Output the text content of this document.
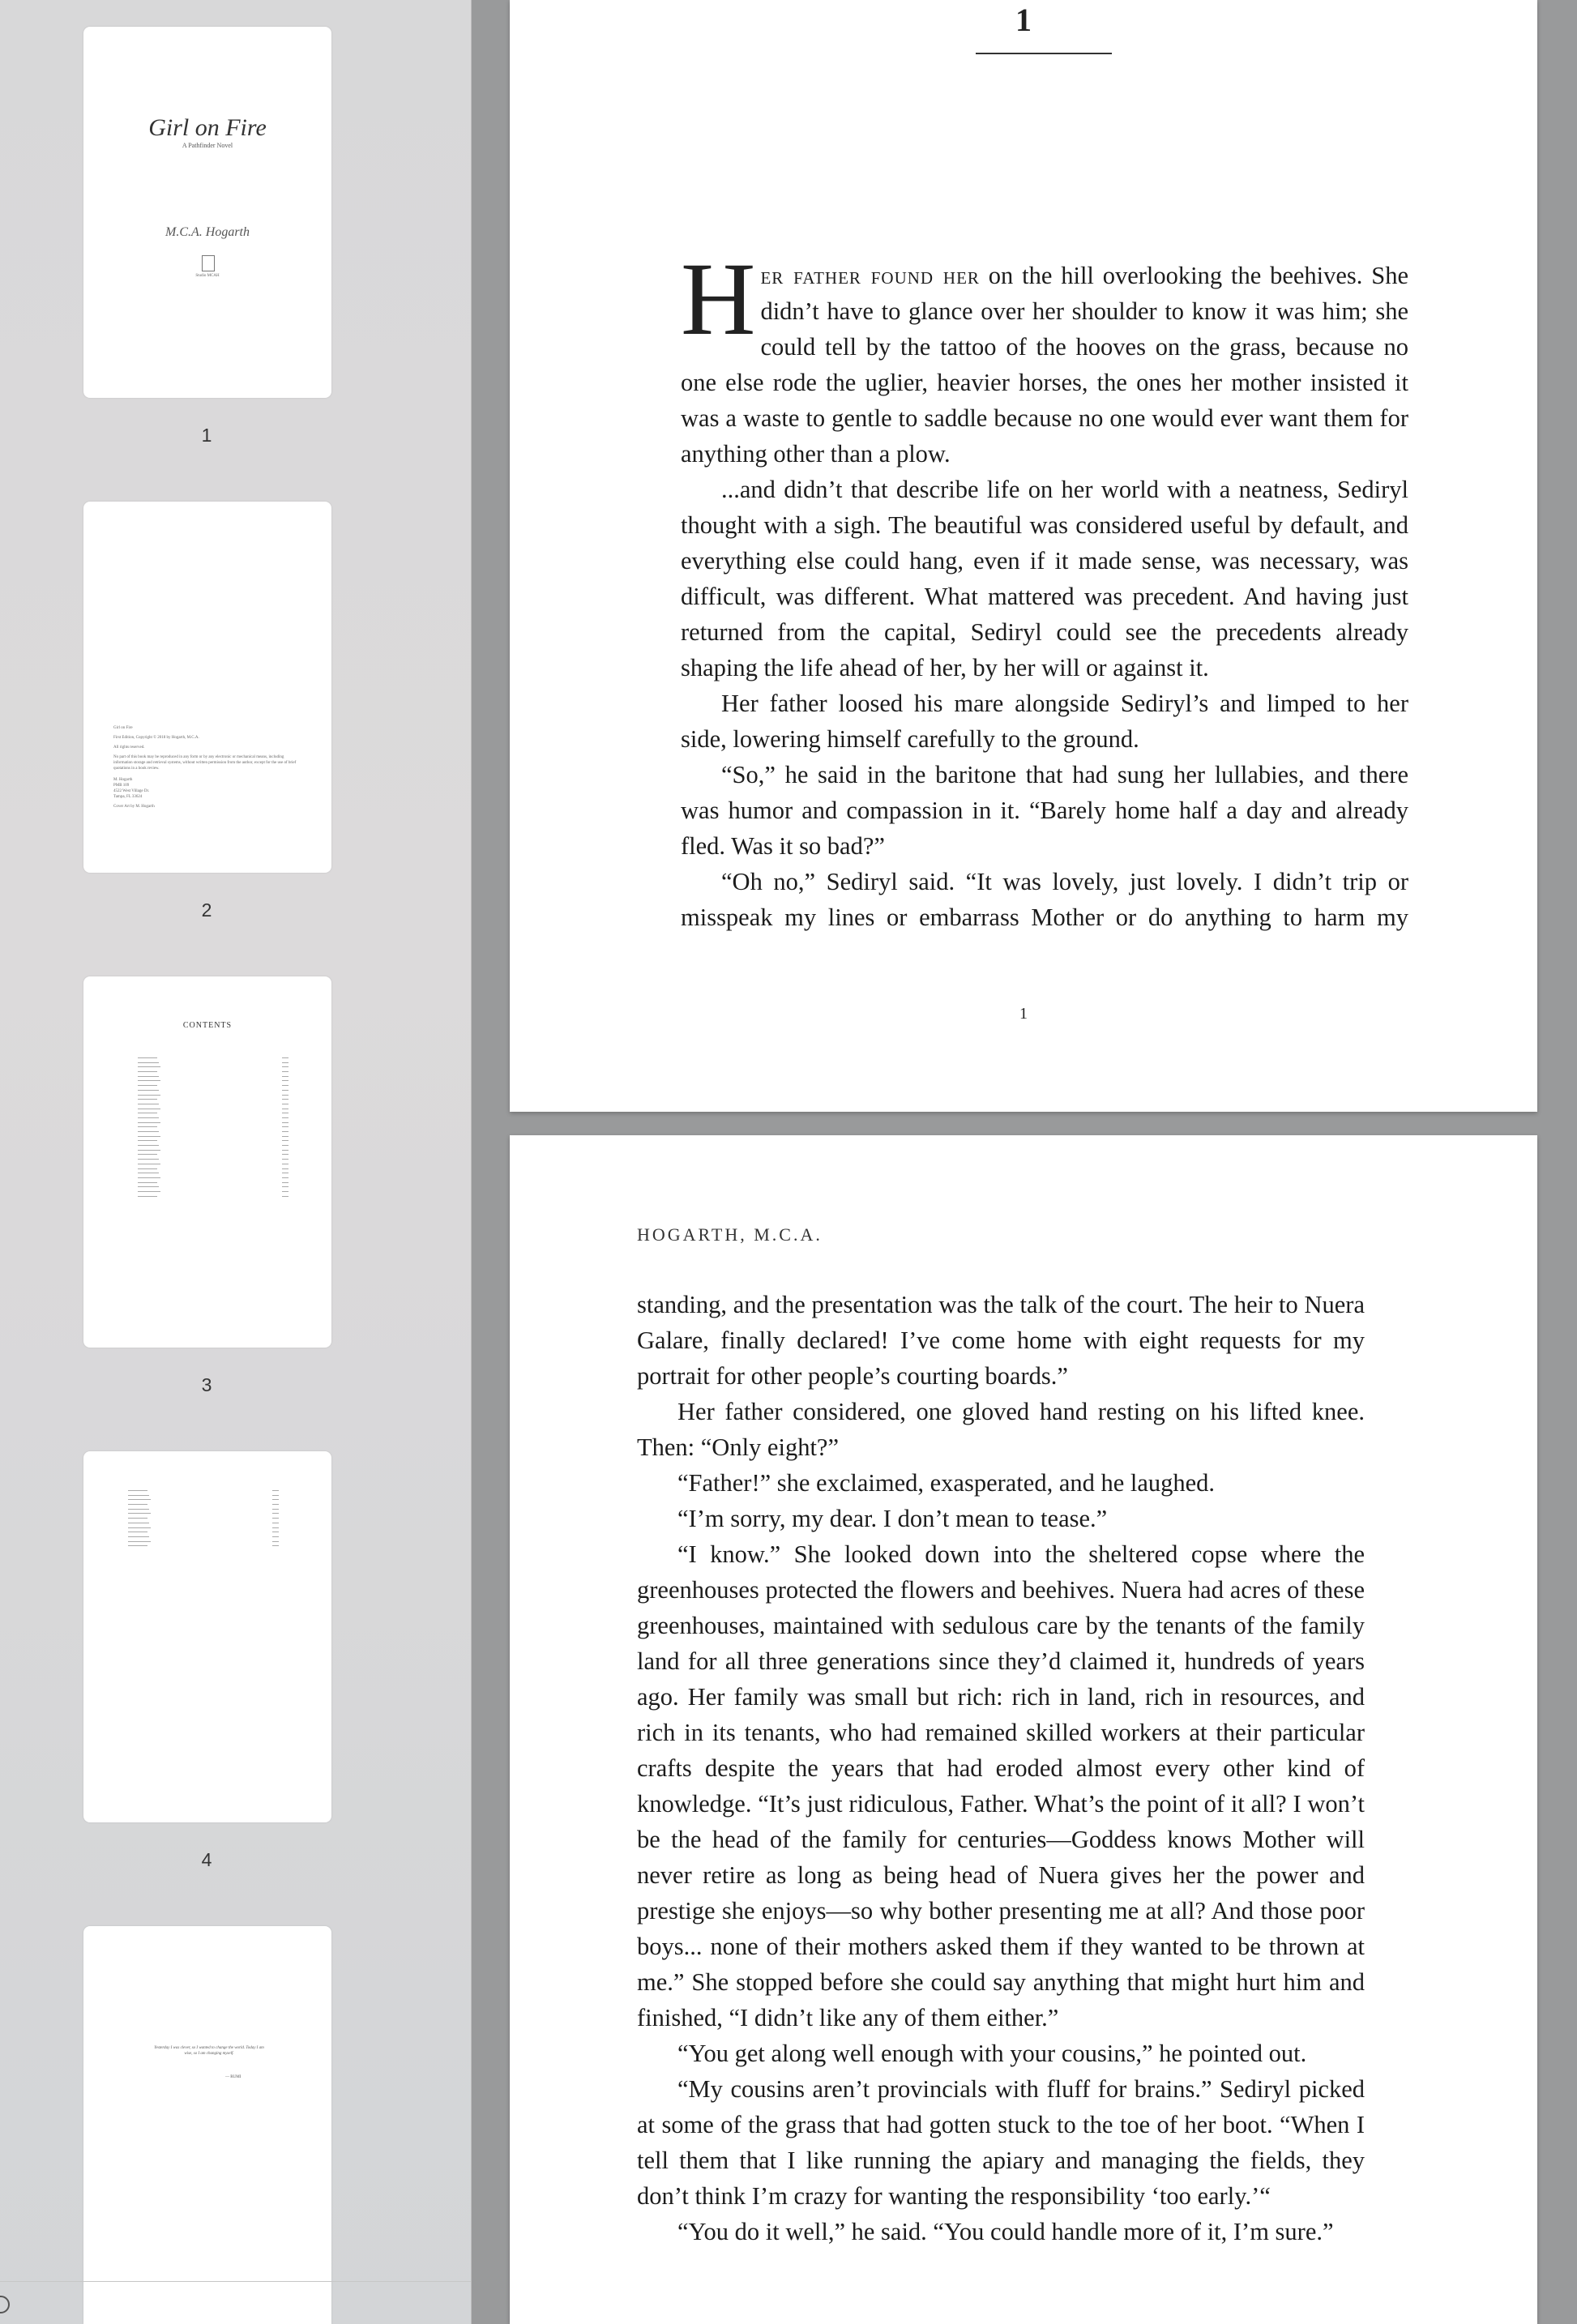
Girl on Fire
A Pathfinder Novel
M.C.A. Hogarth
Studio MCAH
1
Girl on Fire
First Edition, Copyright © 2018 by Hogarth, M.C.A.
All rights reserved.
No part of this book may be reproduced in any form or by any electronic or mechanical means, including information storage and retrieval systems, without written permission from the author, except for the use of brief quotations in a book review.
M. Hogarth
PMB 109
4522 West Village Dr.
Tampa, FL 33624
Cover Art by M. Hogarth
2
CONTENTS
3
4
Yesterday I was clever, so I wanted to change the world. Today I am wise, so I am changing myself.
— RUMI
1

Her father found her on the hill overlooking the beehives. She didn’t have to glance over her shoulder to know it was him; she could tell by the tattoo of the hooves on the grass, because no one else rode the uglier, heavier horses, the ones her mother insisted it was a waste to gentle to saddle because no one would ever want them for anything other than a plow.

...and didn’t that describe life on her world with a neatness, Sediryl thought with a sigh. The beautiful was considered useful by default, and everything else could hang, even if it made sense, was necessary, was difficult, was different. What mattered was precedent. And having just returned from the capital, Sediryl could see the precedents already shaping the life ahead of her, by her will or against it.

Her father loosed his mare alongside Sediryl’s and limped to her side, lowering himself carefully to the ground.

“So,” he said in the baritone that had sung her lullabies, and there was humor and compassion in it. “Barely home half a day and already fled. Was it so bad?”

“Oh no,” Sediryl said. “It was lovely, just lovely. I didn’t trip or misspeak my lines or embarrass Mother or do anything to harm my

1
HOGARTH, M.C.A.

standing, and the presentation was the talk of the court. The heir to Nuera Galare, finally declared! I’ve come home with eight requests for my portrait for other people’s courting boards.”

Her father considered, one gloved hand resting on his lifted knee. Then: “Only eight?”

“Father!” she exclaimed, exasperated, and he laughed.

“I’m sorry, my dear. I don’t mean to tease.”

“I know.” She looked down into the sheltered copse where the greenhouses protected the flowers and beehives. Nuera had acres of these greenhouses, maintained with sedulous care by the tenants of the family land for all three generations since they’d claimed it, hundreds of years ago. Her family was small but rich: rich in land, rich in resources, and rich in its tenants, who had remained skilled workers at their particular crafts despite the years that had eroded almost every other kind of knowledge. “It’s just ridiculous, Father. What’s the point of it all? I won’t be the head of the family for centuries—Goddess knows Mother will never retire as long as being head of Nuera gives her the power and prestige she enjoys—so why bother presenting me at all? And those poor boys... none of their mothers asked them if they wanted to be thrown at me.” She stopped before she could say anything that might hurt him and finished, “I didn’t like any of them either.”

“You get along well enough with your cousins,” he pointed out.

“My cousins aren’t provincials with fluff for brains.” Sediryl picked at some of the grass that had gotten stuck to the toe of her boot. “When I tell them that I like running the apiary and managing the fields, they don’t think I’m crazy for wanting the responsibility ‘too early.’“

“You do it well,” he said. “You could handle more of it, I’m sure.”
